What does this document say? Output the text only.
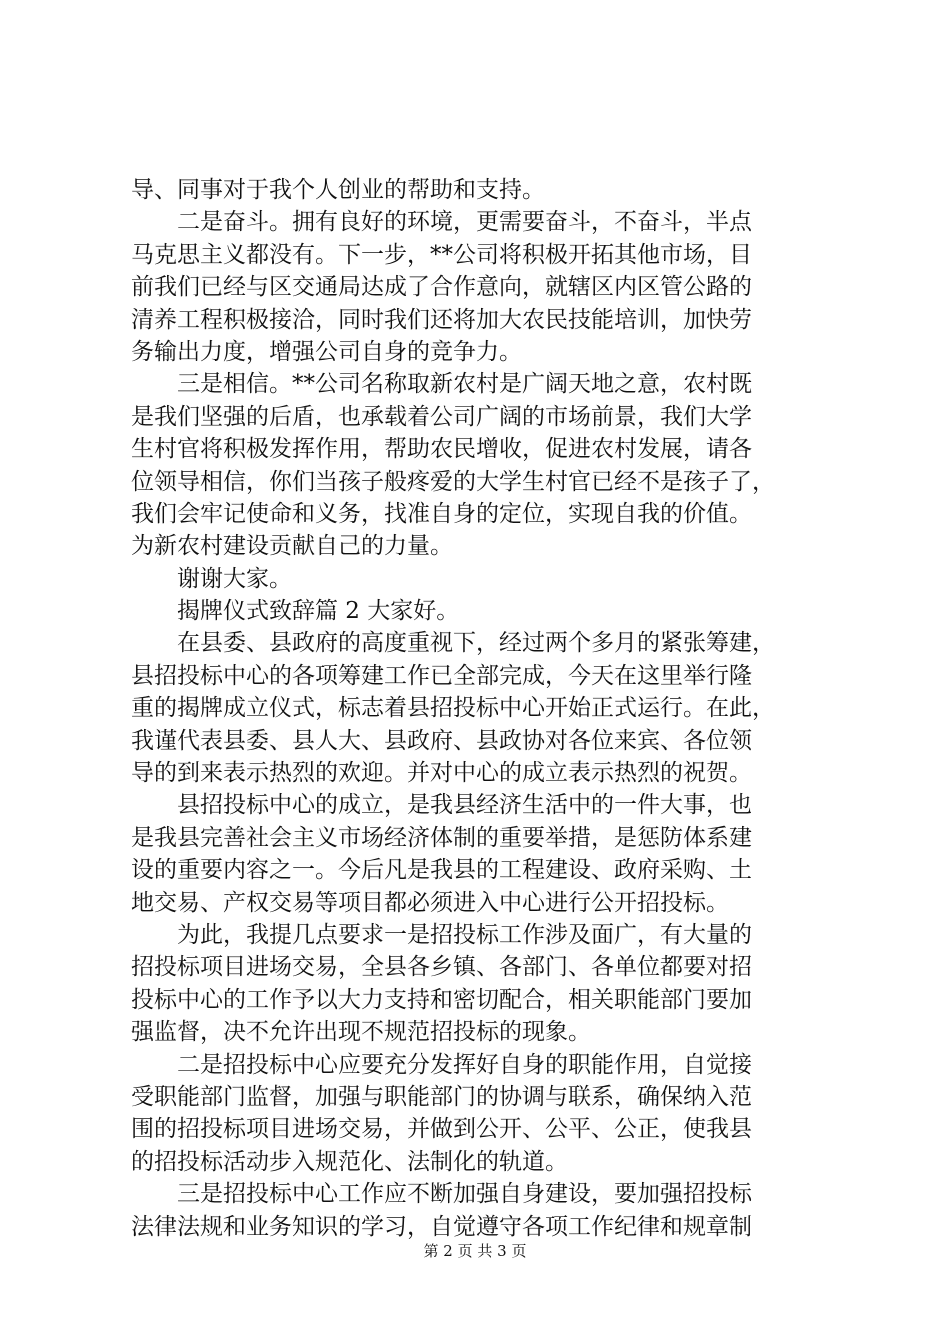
导、同事对于我个人创业的帮助和支持。
二是奋斗。拥有良好的环境，更需要奋斗，不奋斗，半点
马克思主义都没有。下一步，**公司将积极开拓其他市场，目
前我们已经与区交通局达成了合作意向，就辖区内区管公路的
清养工程积极接洽，同时我们还将加大农民技能培训，加快劳
务输出力度，增强公司自身的竞争力。
三是相信。**公司名称取新农村是广阔天地之意，农村既
是我们坚强的后盾，也承载着公司广阔的市场前景，我们大学
生村官将积极发挥作用，帮助农民增收，促进农村发展，请各
位领导相信，你们当孩子般疼爱的大学生村官已经不是孩子了，
我们会牢记使命和义务，找准自身的定位，实现自我的价值。
为新农村建设贡献自己的力量。
谢谢大家。
揭牌仪式致辞篇 2 大家好。
在县委、县政府的高度重视下，经过两个多月的紧张筹建，
县招投标中心的各项筹建工作已全部完成，今天在这里举行隆
重的揭牌成立仪式，标志着县招投标中心开始正式运行。在此，
我谨代表县委、县人大、县政府、县政协对各位来宾、各位领
导的到来表示热烈的欢迎。并对中心的成立表示热烈的祝贺。
县招投标中心的成立，是我县经济生活中的一件大事，也
是我县完善社会主义市场经济体制的重要举措，是惩防体系建
设的重要内容之一。今后凡是我县的工程建设、政府采购、土
地交易、产权交易等项目都必须进入中心进行公开招投标。
为此，我提几点要求一是招投标工作涉及面广，有大量的
招投标项目进场交易，全县各乡镇、各部门、各单位都要对招
投标中心的工作予以大力支持和密切配合，相关职能部门要加
强监督，决不允许出现不规范招投标的现象。
二是招投标中心应要充分发挥好自身的职能作用，自觉接
受职能部门监督，加强与职能部门的协调与联系，确保纳入范
围的招投标项目进场交易，并做到公开、公平、公正，使我县
的招投标活动步入规范化、法制化的轨道。
三是招投标中心工作应不断加强自身建设，要加强招投标
法律法规和业务知识的学习，自觉遵守各项工作纪律和规章制
第 2 页 共 3 页
